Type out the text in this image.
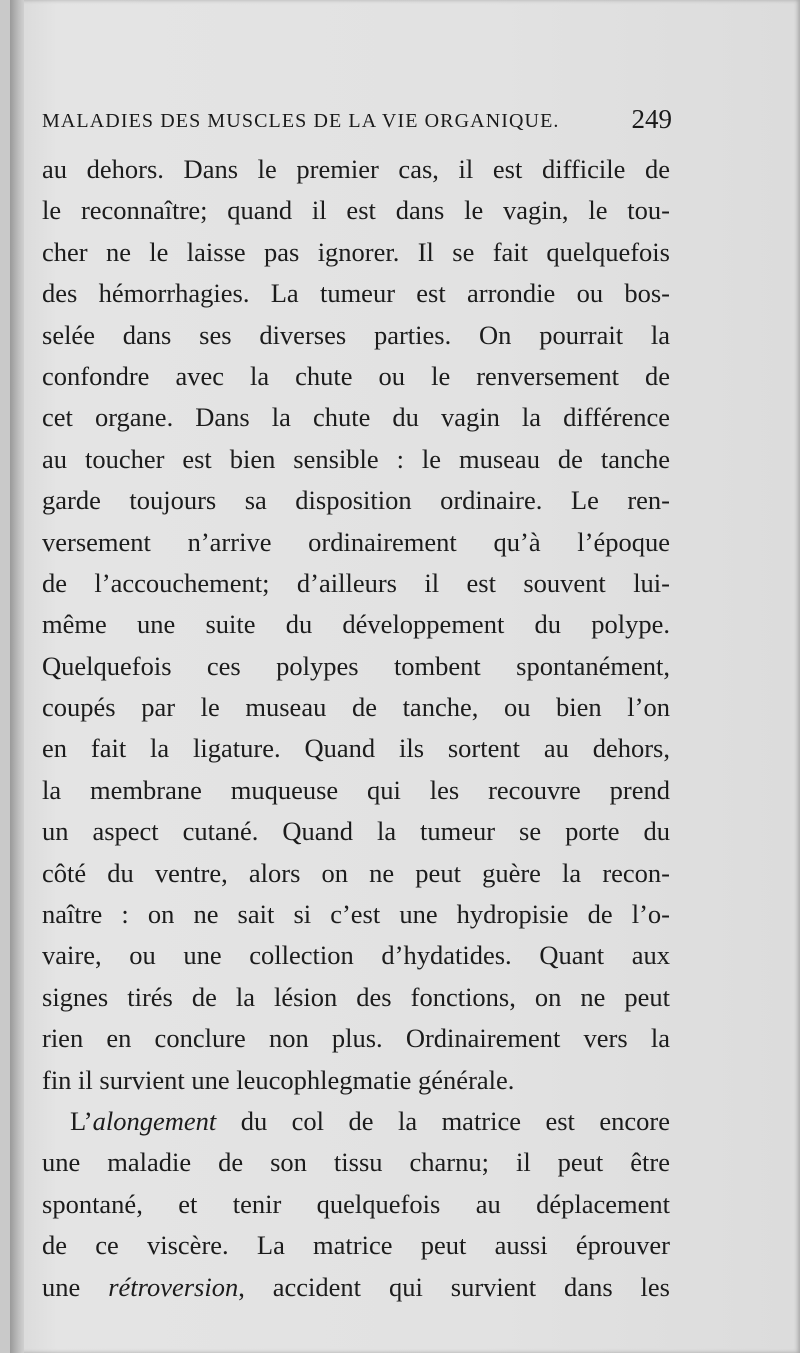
MALADIES DES MUSCLES DE LA VIE ORGANIQUE.	249
au dehors. Dans le premier cas, il est difficile de
le reconnaître; quand il est dans le vagin, le tou-
cher ne le laisse pas ignorer. Il se fait quelquefois
des hémorrhagies. La tumeur est arrondie ou bos-
selée dans ses diverses parties. On pourrait la
confondre avec la chute ou le renversement de
cet organe. Dans la chute du vagin la différence
au toucher est bien sensible : le museau de tanche
garde toujours sa disposition ordinaire. Le ren-
versement n’arrive ordinairement qu’à l’époque
de l’accouchement; d’ailleurs il est souvent lui-
même une suite du développement du polype.
Quelquefois ces polypes tombent spontanément,
coupés par le museau de tanche, ou bien l’on
en fait la ligature. Quand ils sortent au dehors,
la membrane muqueuse qui les recouvre prend
un aspect cutané. Quand la tumeur se porte du
côté du ventre, alors on ne peut guère la recon-
naître : on ne sait si c’est une hydropisie de l’o-
vaire, ou une collection d’hydatides. Quant aux
signes tirés de la lésion des fonctions, on ne peut
rien en conclure non plus. Ordinairement vers la
fin il survient une leucophlegmatie générale.
L’alongement du col de la matrice est encore
une maladie de son tissu charnu; il peut être
spontané, et tenir quelquefois au déplacement
de ce viscère. La matrice peut aussi éprouver
une rétroversion, accident qui survient dans les
